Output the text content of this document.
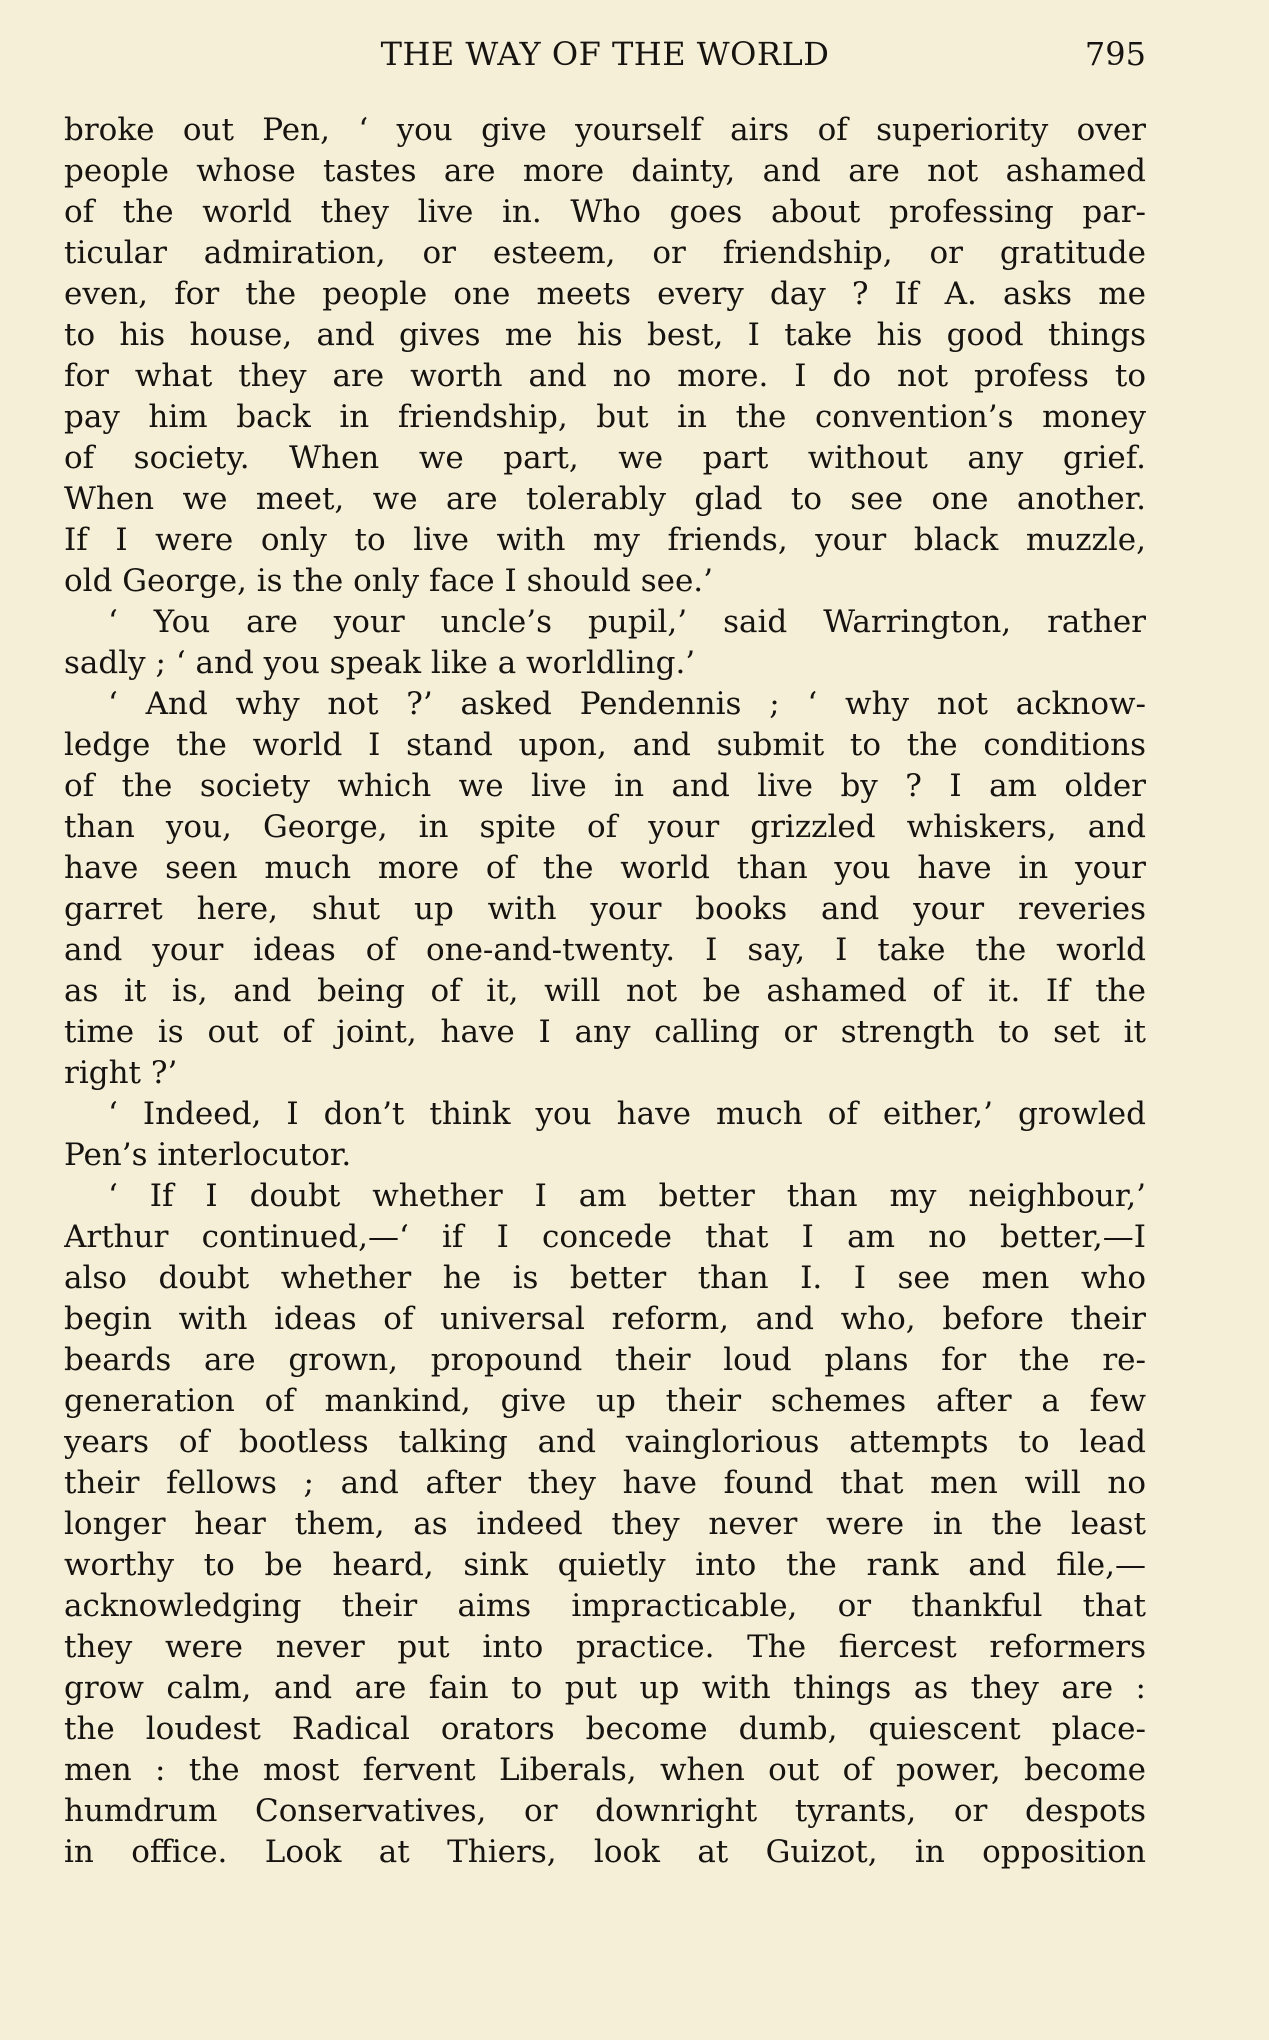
THE WAY OF THE WORLD	795
broke out Pen, ‘ you give yourself airs of superiority over
people whose tastes are more dainty, and are not ashamed
of the world they live in. Who goes about professing par-
ticular admiration, or esteem, or friendship, or gratitude
even, for the people one meets every day ? If A. asks me
to his house, and gives me his best, I take his good things
for what they are worth and no more. I do not profess to
pay him back in friendship, but in the convention’s money
of society. When we part, we part without any grief.
When we meet, we are tolerably glad to see one another.
If I were only to live with my friends, your black muzzle,
old George, is the only face I should see.’
‘ You are your uncle’s pupil,’ said Warrington, rather
sadly ; ‘ and you speak like a worldling.’
‘ And why not ?’ asked Pendennis ; ‘ why not acknow-
ledge the world I stand upon, and submit to the conditions
of the society which we live in and live by ? I am older
than you, George, in spite of your grizzled whiskers, and
have seen much more of the world than you have in your
garret here, shut up with your books and your reveries
and your ideas of one-and-twenty. I say, I take the world
as it is, and being of it, will not be ashamed of it. If the
time is out of joint, have I any calling or strength to set it
right ?’
‘ Indeed, I don’t think you have much of either,’ growled
Pen’s interlocutor.
‘ If I doubt whether I am better than my neighbour,’
Arthur continued,—‘ if I concede that I am no better,—I
also doubt whether he is better than I. I see men who
begin with ideas of universal reform, and who, before their
beards are grown, propound their loud plans for the re-
generation of mankind, give up their schemes after a few
years of bootless talking and vainglorious attempts to lead
their fellows ; and after they have found that men will no
longer hear them, as indeed they never were in the least
worthy to be heard, sink quietly into the rank and file,—
acknowledging their aims impracticable, or thankful that
they were never put into practice. The fiercest reformers
grow calm, and are fain to put up with things as they are :
the loudest Radical orators become dumb, quiescent place-
men : the most fervent Liberals, when out of power, become
humdrum Conservatives, or downright tyrants, or despots
in office. Look at Thiers, look at Guizot, in opposition
